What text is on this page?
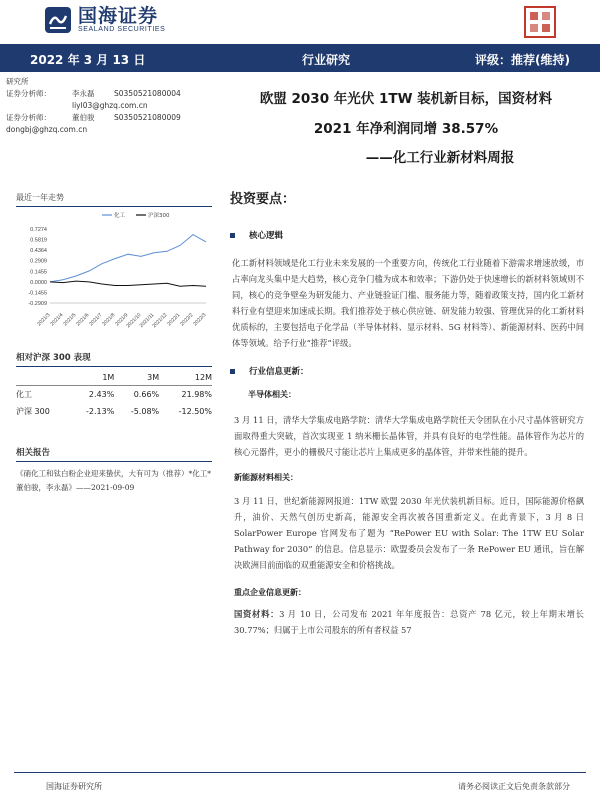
国海证券
SEALAND SECURITIES
2022 年 3 月 13 日	行业研究	评级：推荐(维持)
研究所
证券分析师：	李永磊	S0350521080004
liyl03@ghzq.com.cn
证券分析师：	董伯骏	S0350521080009
dongbj@ghzq.com.cn
欧盟 2030 年光伏 1TW 装机新目标，国资材料
2021 年净利润同增 38.57%
——化工行业新材料周报
最近一年走势
0.7274
0.5819
0.4364
0.2909
0.1455
0.0000
-0.1455
-0.2909
2021/3
2021/4
2021/5
2021/6
2021/7
2021/8
2021/9
2021/10
2021/11
2021/12
2022/1
2022/2
2022/3
化工	沪深300
相对沪深 300 表现
	1M	3M	12M
化工	2.43%	0.66%	21.98%
沪深 300	-2.13%	-5.08%	-12.50%
相关报告
《硝化工和钛白粉企业迎来蛰伏，大有可为（推荐）*化工*董伯骏，李永磊》——2021-09-09
投资要点：
核心逻辑
化工新材料领域是化工行业未来发展的一个重要方向，传统化工行业随着下游需求增速放缓，市占率向龙头集中是大趋势，核心竞争门槛为成本和效率；下游仍处于快速增长的新材料领域则不同，核心的竞争壁垒为研发能力、产业链验证门槛、服务能力等，随着政策支持，国内化工新材料行业有望迎来加速成长期。我们推荐处于核心供应链、研发能力较强、管理优异的化工新材料优质标的，主要包括电子化学品（半导体材料、显示材料、5G 材料等）、新能源材料、医药中间体等领域。给予行业“推荐”评级。
行业信息更新：
半导体相关：
3 月 11 日，清华大学集成电路学院：清华大学集成电路学院任天令团队在小尺寸晶体管研究方面取得重大突破，首次实现亚 1 纳米栅长晶体管，并具有良好的电学性能。晶体管作为芯片的核心元器件，更小的栅极尺寸能让芯片上集成更多的晶体管，并带来性能的提升。
新能源材料相关：
3 月 11 日，世纪新能源网报道：1TW 欧盟 2030 年光伏装机新目标。近日，国际能源价格飙升，油价、天然气创历史新高，能源安全再次被各国重新定义。在此背景下，3 月 8 日 SolarPower Europe 官网发布了题为 “RePower EU with Solar: The 1TW EU Solar Pathway for 2030” 的信息。信息显示：欧盟委员会发布了一条 RePower EU 通讯，旨在解决欧洲目前面临的双重能源安全和价格挑战。
重点企业信息更新：
国资材料：3 月 10 日，公司发布 2021 年年度报告：总资产 78 亿元，较上年期末增长 30.77%；归属于上市公司股东的所有者权益 57
国海证券研究所	请务必阅读正文后免责条款部分
